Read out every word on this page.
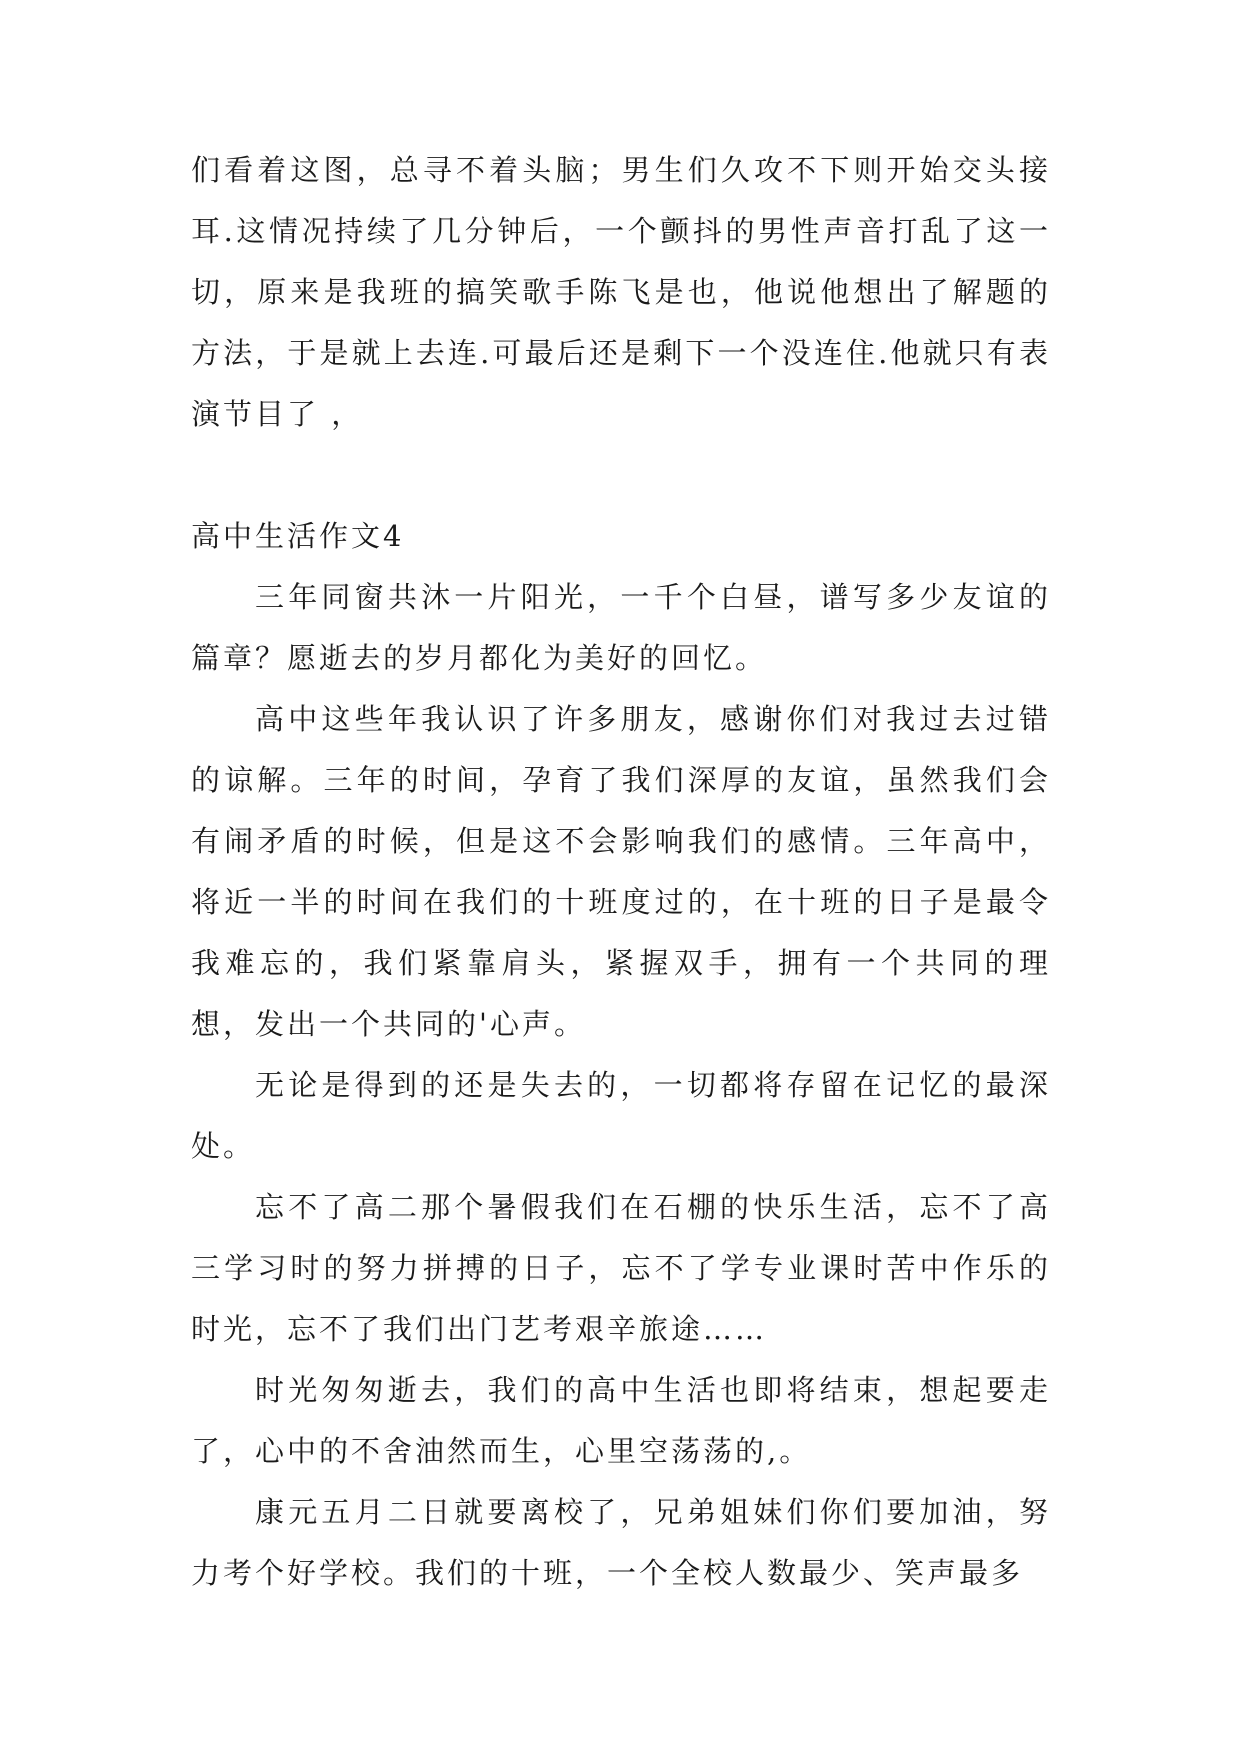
们看着这图，总寻不着头脑；男生们久攻不下则开始交头接耳.这情况持续了几分钟后，一个颤抖的男性声音打乱了这一切，原来是我班的搞笑歌手陈飞是也，他说他想出了解题的方法，于是就上去连.可最后还是剩下一个没连住.他就只有表演节目了 ，

高中生活作文4

三年同窗共沐一片阳光，一千个白昼，谱写多少友谊的篇章？愿逝去的岁月都化为美好的回忆。

高中这些年我认识了许多朋友，感谢你们对我过去过错的谅解。三年的时间，孕育了我们深厚的友谊，虽然我们会有闹矛盾的时候，但是这不会影响我们的感情。三年高中，将近一半的时间在我们的十班度过的，在十班的日子是最令我难忘的，我们紧靠肩头，紧握双手，拥有一个共同的理想，发出一个共同的'心声。

无论是得到的还是失去的，一切都将存留在记忆的最深处。

忘不了高二那个暑假我们在石棚的快乐生活，忘不了高三学习时的努力拼搏的日子，忘不了学专业课时苦中作乐的时光，忘不了我们出门艺考艰辛旅途……

时光匆匆逝去，我们的高中生活也即将结束，想起要走了，心中的不舍油然而生，心里空荡荡的,。

康元五月二日就要离校了，兄弟姐妹们你们要加油，努力考个好学校。我们的十班，一个全校人数最少、笑声最多
